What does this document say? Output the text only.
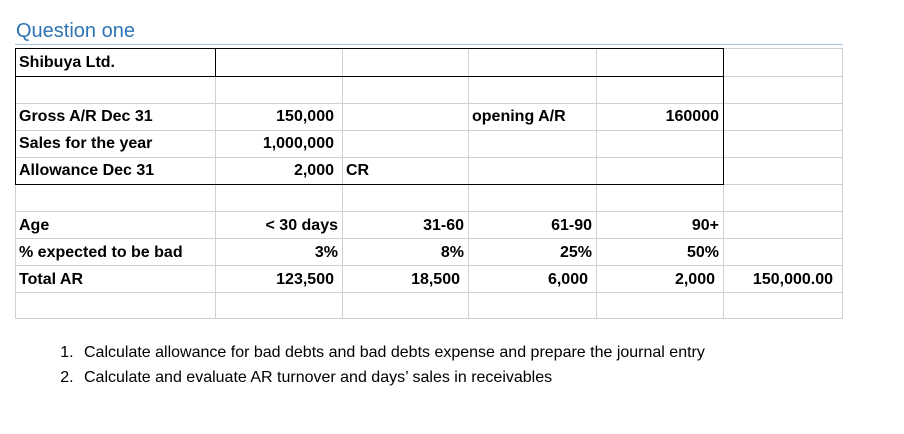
Question one
Shibuya Ltd.
Gross A/R Dec 31	150,000	opening A/R	160000
Sales for the year	1,000,000
Allowance Dec 31	2,000 CR
Age	< 30 days	31-60	61-90	90+
% expected to be bad	3%	8%	25%	50%
Total AR	123,500	18,500	6,000	2,000	150,000.00
1. Calculate allowance for bad debts and bad debts expense and prepare the journal entry
2. Calculate and evaluate AR turnover and days’ sales in receivables
